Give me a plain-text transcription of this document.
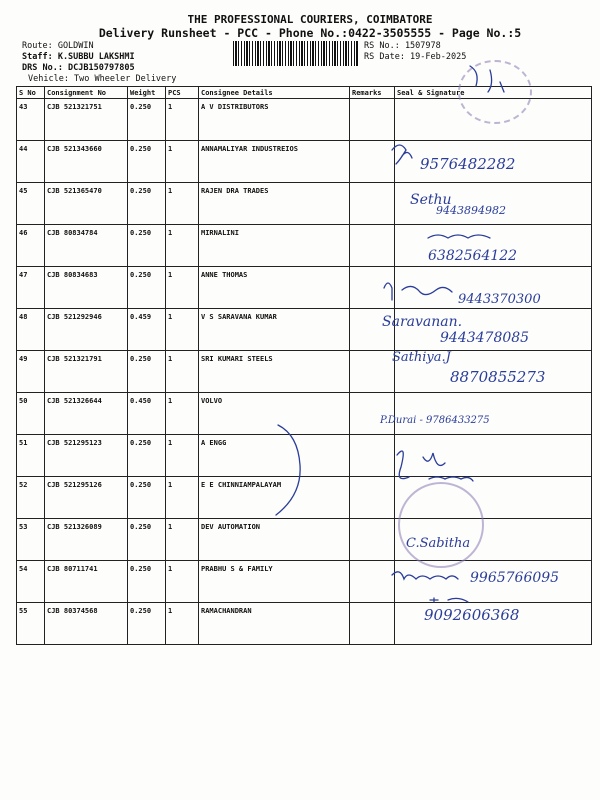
THE PROFESSIONAL COURIERS, COIMBATORE
Delivery Runsheet - PCC - Phone No.:0422-3505555 - Page No.:5
Route: GOLDWIN
Staff: K.SUBBU LAKSHMI
DRS No.: DCJB150797805
Vehicle: Two Wheeler Delivery
RS No.: 1507978
RS Date: 19-Feb-2025
S No	Consignment No	Weight	PCS	Consignee Details	Remarks	Seal & Signature
43	CJB 521321751	0.250	1	A V DISTRIBUTORS		
44	CJB 521343660	0.250	1	ANNAMALIYAR INDUSTREIOS		
45	CJB 521365470	0.250	1	RAJEN DRA TRADES		
46	CJB 80834784	0.250	1	MIRNALINI		
47	CJB 80834683	0.250	1	ANNE THOMAS		
48	CJB 521292946	0.459	1	V S SARAVANA KUMAR		
49	CJB 521321791	0.250	1	SRI KUMARI STEELS		
50	CJB 521326644	0.450	1	VOLVO		
51	CJB 521295123	0.250	1	A ENGG		
52	CJB 521295126	0.250	1	E E CHINNIAMPALAYAM		
53	CJB 521326089	0.250	1	DEV AUTOMATION		
54	CJB 80711741	0.250	1	PRABHU S & FAMILY		
55	CJB 80374568	0.250	1	RAMACHANDRAN		
9576482282
Sethu
9443894982
6382564122
9443370300
Saravanan.
9443478085
Sathiya.J
8870855273
P.Durai - 9786433275
C.Sabitha
9965766095
9092606368
